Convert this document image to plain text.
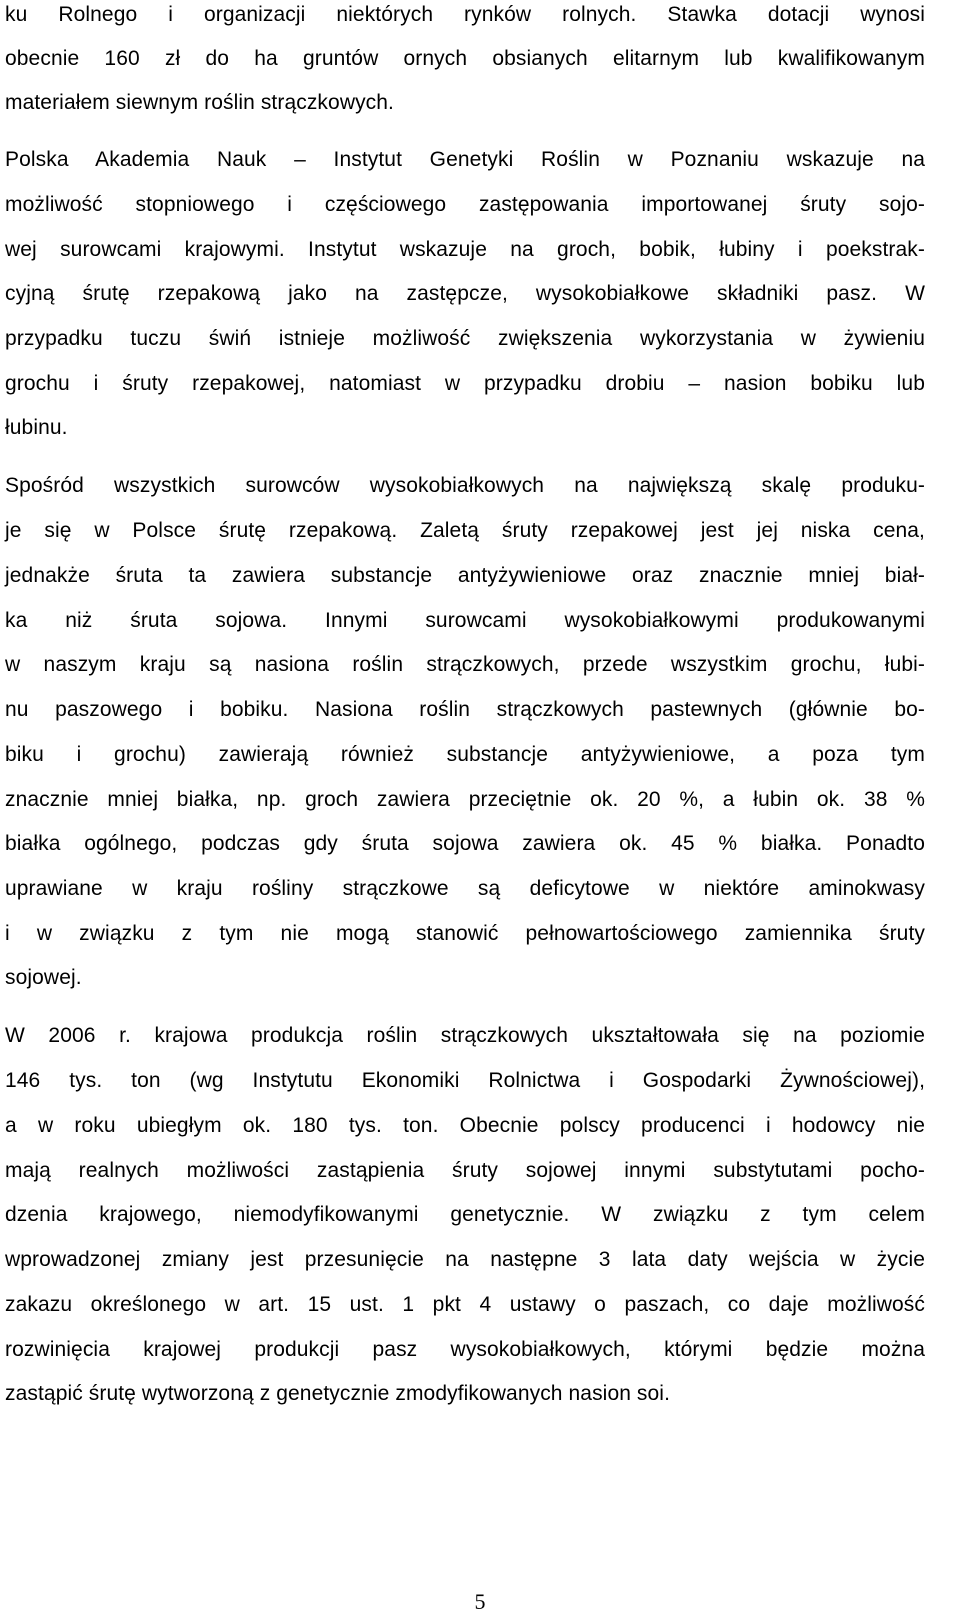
ku Rolnego i organizacji niektórych rynków rolnych. Stawka dotacji wynosi
obecnie 160 zł do ha gruntów ornych obsianych elitarnym lub kwalifikowanym
materiałem siewnym roślin strączkowych.
Polska Akademia Nauk – Instytut Genetyki Roślin w Poznaniu wskazuje na
możliwość stopniowego i częściowego zastępowania importowanej śruty sojo-
wej surowcami krajowymi. Instytut wskazuje na groch, bobik, łubiny i poekstrak-
cyjną śrutę rzepakową jako na zastępcze, wysokobiałkowe składniki pasz. W
przypadku tuczu świń istnieje możliwość zwiększenia wykorzystania w żywieniu
grochu i śruty rzepakowej, natomiast w przypadku drobiu – nasion bobiku lub
łubinu.
Spośród wszystkich surowców wysokobiałkowych na największą skalę produku-
je się w Polsce śrutę rzepakową. Zaletą śruty rzepakowej jest jej niska cena,
jednakże śruta ta zawiera substancje antyżywieniowe oraz znacznie mniej biał-
ka niż śruta sojowa. Innymi surowcami wysokobiałkowymi produkowanymi
w naszym kraju są nasiona roślin strączkowych, przede wszystkim grochu, łubi-
nu paszowego i bobiku. Nasiona roślin strączkowych pastewnych (głównie bo-
biku i grochu) zawierają również substancje antyżywieniowe, a poza tym
znacznie mniej białka, np. groch zawiera przeciętnie ok. 20 %, a łubin ok. 38 %
białka ogólnego, podczas gdy śruta sojowa zawiera ok. 45 % białka. Ponadto
uprawiane w kraju rośliny strączkowe są deficytowe w niektóre aminokwasy
i w związku z tym nie mogą stanowić pełnowartościowego zamiennika śruty
sojowej.
W 2006 r. krajowa produkcja roślin strączkowych ukształtowała się na poziomie
146 tys. ton (wg Instytutu Ekonomiki Rolnictwa i Gospodarki Żywnościowej),
a w roku ubiegłym ok. 180 tys. ton. Obecnie polscy producenci i hodowcy nie
mają realnych możliwości zastąpienia śruty sojowej innymi substytutami pocho-
dzenia krajowego, niemodyfikowanymi genetycznie. W związku z tym celem
wprowadzonej zmiany jest przesunięcie na następne 3 lata daty wejścia w życie
zakazu określonego w art. 15 ust. 1 pkt 4 ustawy o paszach, co daje możliwość
rozwinięcia krajowej produkcji pasz wysokobiałkowych, którymi będzie można
zastąpić śrutę wytworzoną z genetycznie zmodyfikowanych nasion soi.
5
